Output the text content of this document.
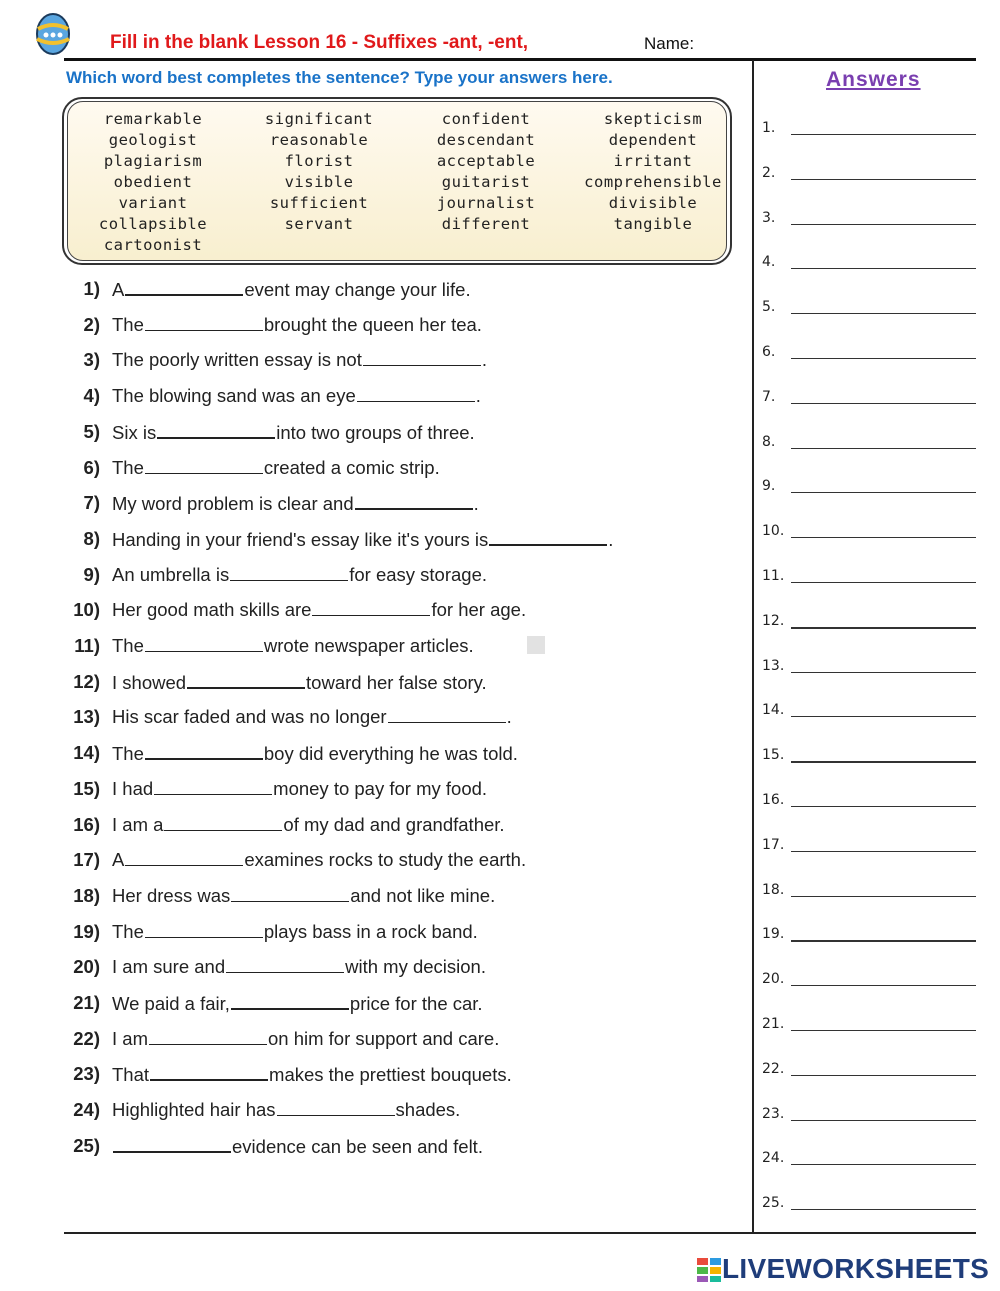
Fill in the blank Lesson 16 - Suffixes -ant, -ent,	Name:
Which word best completes the sentence? Type your answers here.	Answers
remarkable	significant	confident	skepticism
geologist	reasonable	descendant	dependent
plagiarism	florist	acceptable	irritant
obedient	visible	guitarist	comprehensible
variant	sufficient	journalist	divisible
collapsible	servant	different	tangible
cartoonist
1) A	event may change your life.
2) The	brought the queen her tea.
3) The poorly written essay is not	.
4) The blowing sand was an eye	.
5) Six is	into two groups of three.
6) The	created a comic strip.
7) My word problem is clear and	.
8) Handing in your friend's essay like it's yours is	.
9) An umbrella is	for easy storage.
10) Her good math skills are	for her age.
11) The	wrote newspaper articles.
12) I showed	toward her false story.
13) His scar faded and was no longer	.
14) The	boy did everything he was told.
15) I had	money to pay for my food.
16) I am a	of my dad and grandfather.
17) A	examines rocks to study the earth.
18) Her dress was	and not like mine.
19) The	plays bass in a rock band.
20) I am sure and	with my decision.
21) We paid a fair,	price for the car.
22) I am	on him for support and care.
23) That	makes the prettiest bouquets.
24) Highlighted hair has	shades.
25)	evidence can be seen and felt.
1.
2.
3.
4.
5.
6.
7.
8.
9.
10.
11.
12.
13.
14.
15.
16.
17.
18.
19.
20.
21.
22.
23.
24.
25.
LIVEWORKSHEETS
